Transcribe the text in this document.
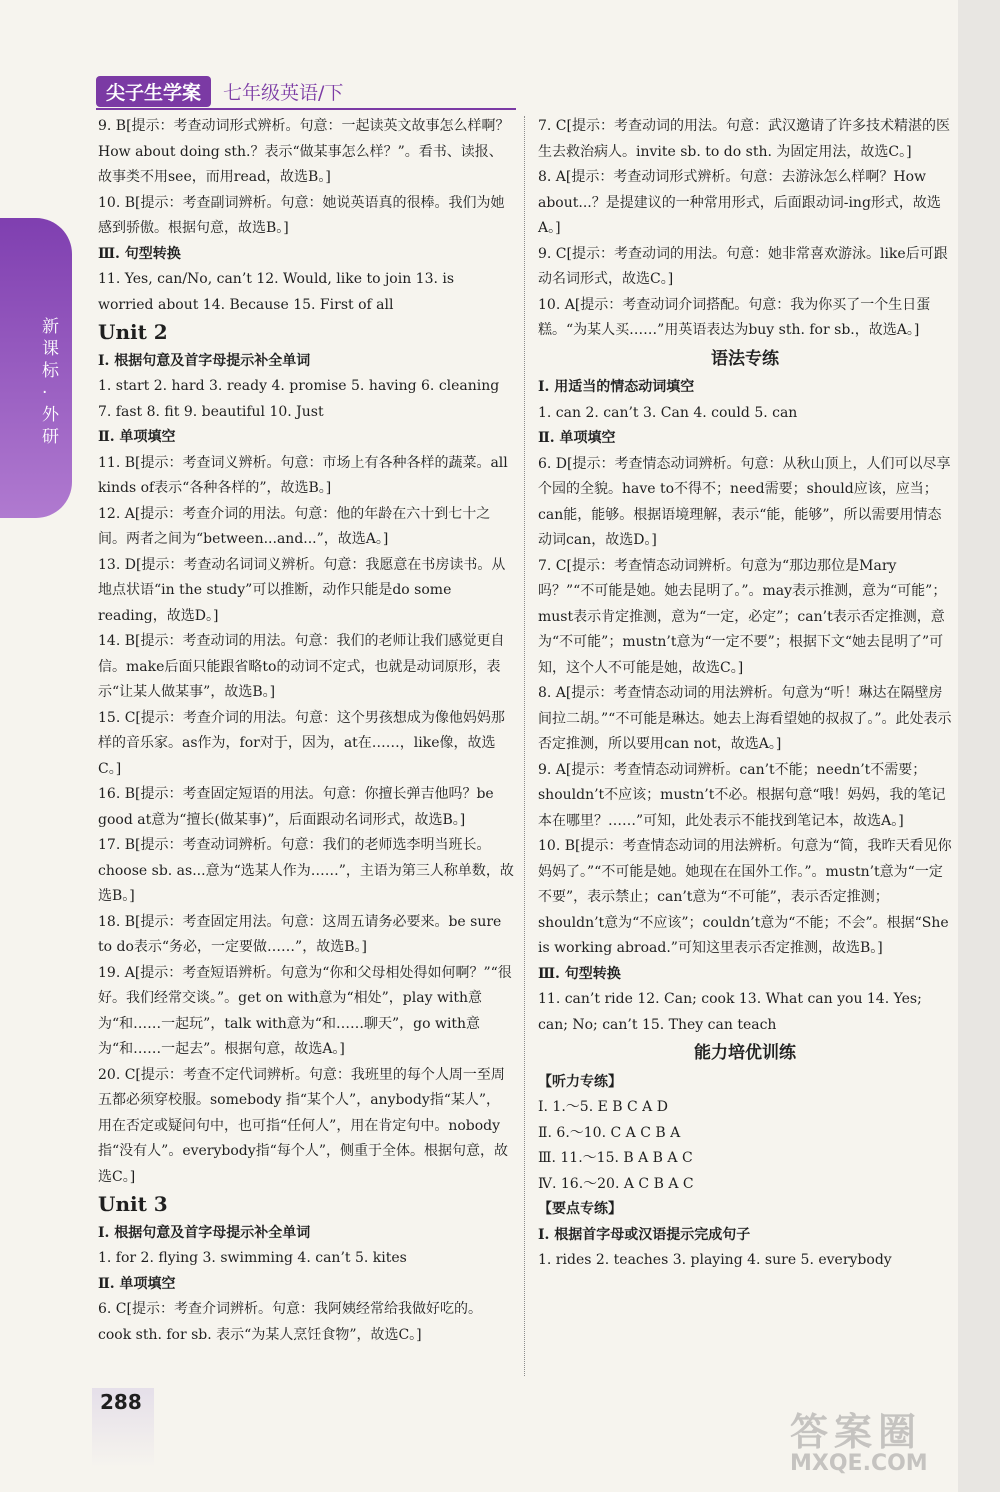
尖子生学案	七年级英语/下
新课标·外研

9. B[提示：考查动词形式辨析。句意：一起读英文故事怎么样啊？How about doing sth.？表示“做某事怎么样？”。看书、读报、故事类不用see，而用read，故选B。]

10. B[提示：考查副词辨析。句意：她说英语真的很棒。我们为她感到骄傲。根据句意，故选B。]

Ⅲ. 句型转换

11. Yes, can/No, can’t 12. Would, like to join 13. is worried about 14. Because 15. First of all

Unit 2

Ⅰ. 根据句意及首字母提示补全单词

1. start 2. hard 3. ready 4. promise 5. having 6. cleaning

7. fast 8. fit 9. beautiful 10. Just

Ⅱ. 单项填空

11. B[提示：考查词义辨析。句意：市场上有各种各样的蔬菜。all kinds of表示“各种各样的”，故选B。]

12. A[提示：考查介词的用法。句意：他的年龄在六十到七十之间。两者之间为“between...and...”，故选A。]

13. D[提示：考查动名词词义辨析。句意：我愿意在书房读书。从地点状语“in the study”可以推断，动作只能是do some reading，故选D。]

14. B[提示：考查动词的用法。句意：我们的老师让我们感觉更自信。make后面只能跟省略to的动词不定式，也就是动词原形，表示“让某人做某事”，故选B。]

15. C[提示：考查介词的用法。句意：这个男孩想成为像他妈妈那样的音乐家。as作为，for对于，因为，at在……，like像，故选C。]

16. B[提示：考查固定短语的用法。句意：你擅长弹吉他吗？be good at意为“擅长(做某事)”，后面跟动名词形式，故选B。]

17. B[提示：考查动词辨析。句意：我们的老师选李明当班长。choose sb. as...意为“选某人作为……”，主语为第三人称单数，故选B。]

18. B[提示：考查固定用法。句意：这周五请务必要来。be sure to do表示“务必，一定要做……”，故选B。]

19. A[提示：考查短语辨析。句意为“你和父母相处得如何啊？”“很好。我们经常交谈。”。get on with意为“相处”，play with意为“和……一起玩”，talk with意为“和……聊天”，go with意为“和……一起去”。根据句意，故选A。]

20. C[提示：考查不定代词辨析。句意：我班里的每个人周一至周五都必须穿校服。somebody 指“某个人”，anybody指“某人”，用在否定或疑问句中，也可指“任何人”，用在肯定句中。nobody指“没有人”。everybody指“每个人”，侧重于全体。根据句意，故选C。]

Unit 3

Ⅰ. 根据句意及首字母提示补全单词

1. for 2. flying 3. swimming 4. can’t 5. kites

Ⅱ. 单项填空

6. C[提示：考查介词辨析。句意：我阿姨经常给我做好吃的。cook sth. for sb. 表示“为某人烹饪食物”，故选C。]

7. C[提示：考查动词的用法。句意：武汉邀请了许多技术精湛的医生去救治病人。invite sb. to do sth. 为固定用法，故选C。]

8. A[提示：考查动词形式辨析。句意：去游泳怎么样啊？How about...？是提建议的一种常用形式，后面跟动词-ing形式，故选A。]

9. C[提示：考查动词的用法。句意：她非常喜欢游泳。like后可跟动名词形式，故选C。]

10. A[提示：考查动词介词搭配。句意：我为你买了一个生日蛋糕。“为某人买……”用英语表达为buy sth. for sb.，故选A。]

语法专练

Ⅰ. 用适当的情态动词填空

1. can 2. can’t 3. Can 4. could 5. can

Ⅱ. 单项填空

6. D[提示：考查情态动词辨析。句意：从秋山顶上，人们可以尽享个园的全貌。have to不得不；need需要；should应该，应当；can能，能够。根据语境理解，表示“能，能够”，所以需要用情态动词can，故选D。]

7. C[提示：考查情态动词辨析。句意为“那边那位是Mary吗？”“不可能是她。她去昆明了。”。may表示推测，意为“可能”；must表示肯定推测，意为“一定，必定”；can’t表示否定推测，意为“不可能”；mustn’t意为“一定不要”；根据下文“她去昆明了”可知，这个人不可能是她，故选C。]

8. A[提示：考查情态动词的用法辨析。句意为“听！琳达在隔壁房间拉二胡。”“不可能是琳达。她去上海看望她的叔叔了。”。此处表示否定推测，所以要用can not，故选A。]

9. A[提示：考查情态动词辨析。can’t不能；needn’t不需要；shouldn’t不应该；mustn’t不必。根据句意“哦！妈妈，我的笔记本在哪里？……”可知，此处表示不能找到笔记本，故选A。]

10. B[提示：考查情态动词的用法辨析。句意为“简，我昨天看见你妈妈了。”“不可能是她。她现在在国外工作。”。mustn’t意为“一定不要”，表示禁止；can’t意为“不可能”，表示否定推测；shouldn’t意为“不应该”；couldn’t意为“不能；不会”。根据“She is working abroad.”可知这里表示否定推测，故选B。]

Ⅲ. 句型转换

11. can’t ride 12. Can; cook 13. What can you 14. Yes; can; No; can’t 15. They can teach

能力培优训练

【听力专练】

Ⅰ. 1.～5. E B C A D

Ⅱ. 6.～10. C A C B A

Ⅲ. 11.～15. B A B A C

Ⅳ. 16.～20. A C B A C

【要点专练】

Ⅰ. 根据首字母或汉语提示完成句子

1. rides 2. teaches 3. playing 4. sure 5. everybody

288
答案圈
MXQE.COM
